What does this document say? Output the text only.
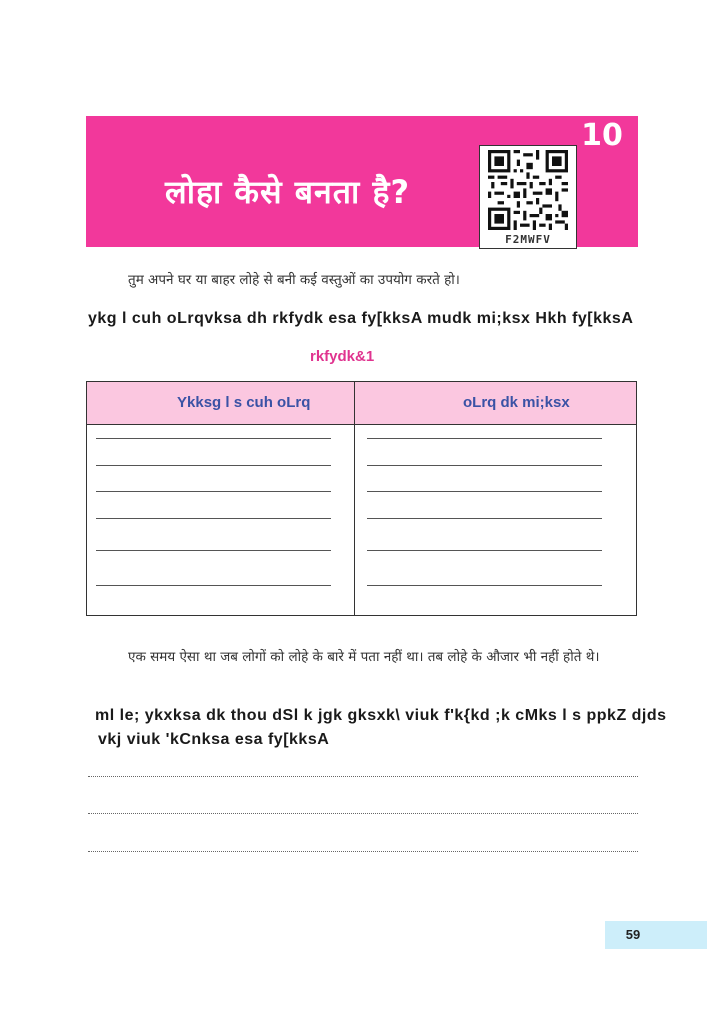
10
लोहा कैसे बनता है?
F2MWFV
तुम अपने घर या बाहर लोहे से बनी कई वस्तुओं का उपयोग करते हो।
ykg l cuh oLrqvksa dh rkfydk esa fy[kksA mudk mi;ksx Hkh fy[kksA
rkfydk&1
Ykksg l s cuh oLrq	oLrq dk mi;ksx
एक समय ऐसा था जब लोगों को लोहे के बारे में पता नहीं था। तब लोहे के औजार भी नहीं होते थे।
ml le; ykxksa dk thou dSl k jgk gksxk\ viuk f'k{kd ;k cMks l s ppkZ djds
vkj viuk 'kCnksa esa fy[kksA
59
